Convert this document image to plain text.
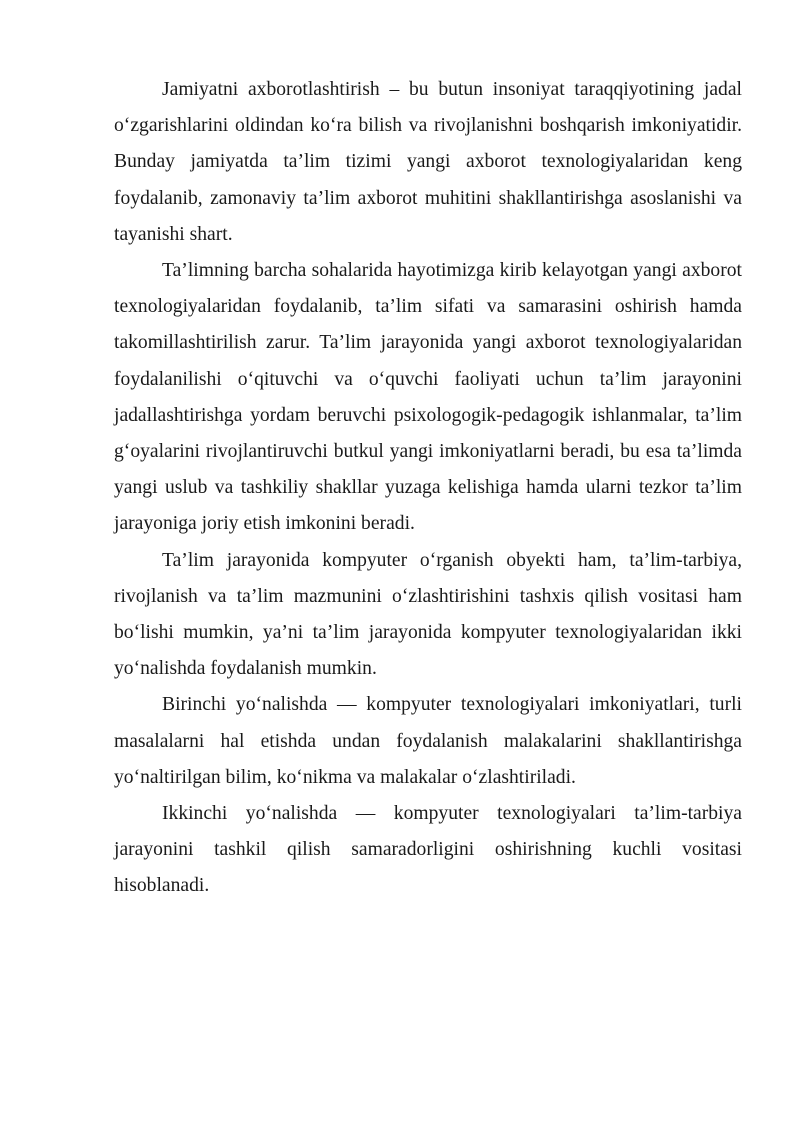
Jamiyatni axborotlashtirish – bu butun insoniyat taraqqiyotining jadal o‘zgarishlarini oldindan ko‘ra bilish va rivojlanishni boshqarish imkoniyatidir. Bunday jamiyatda ta’lim tizimi yangi axborot texnologiyalaridan keng foydalanib, zamonaviy ta’lim axborot muhitini shakllantirishga asoslanishi va tayanishi shart.

Ta’limning barcha sohalarida hayotimizga kirib kelayotgan yangi axborot texnologiyalaridan foydalanib, ta’lim sifati va samarasini oshirish hamda takomillashtirilish zarur. Ta’lim jarayonida yangi axborot texnologiyalaridan foydalanilishi o‘qituvchi va o‘quvchi faoliyati uchun ta’lim jarayonini jadallashtirishga yordam beruvchi psixologogik-pedagogik ishlanmalar, ta’lim g‘oyalarini rivojlantiruvchi butkul yangi imkoniyatlarni beradi, bu esa ta’limda yangi uslub va tashkiliy shakllar yuzaga kelishiga hamda ularni tezkor ta’lim jarayoniga joriy etish imkonini beradi.

Ta’lim jarayonida kompyuter o‘rganish obyekti ham, ta’lim-tarbiya, rivojlanish va ta’lim mazmunini o‘zlashtirishini tashxis qilish vositasi ham bo‘lishi mumkin, ya’ni ta’lim jarayonida kompyuter texnologiyalaridan ikki yo‘nalishda foydalanish mumkin.

Birinchi yo‘nalishda — kompyuter texnologiyalari imkoniyatlari, turli masalalarni hal etishda undan foydalanish malakalarini shakllantirishga yo‘naltirilgan bilim, ko‘nikma va malakalar o‘zlashtiriladi.

Ikkinchi yo‘nalishda — kompyuter texnologiyalari ta’lim-tarbiya jarayonini tashkil qilish samaradorligini oshirishning kuchli vositasi hisoblanadi.
